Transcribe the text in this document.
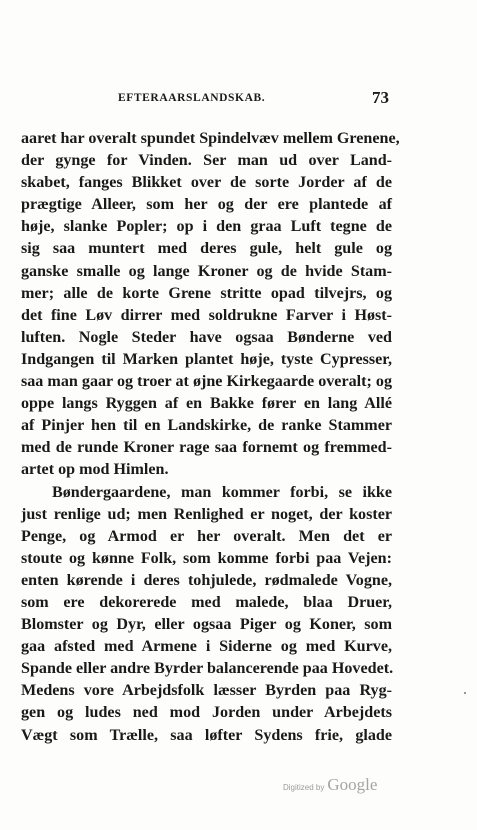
EFTERAARSLANDSKAB.	73
aaret har overalt spundet Spindelvæv mellem Grenene,
der gynge for Vinden. Ser man ud over Land-
skabet, fanges Blikket over de sorte Jorder af de
prægtige Alleer, som her og der ere plantede af
høje, slanke Popler; op i den graa Luft tegne de
sig saa muntert med deres gule, helt gule og
ganske smalle og lange Kroner og de hvide Stam-
mer; alle de korte Grene stritte opad tilvejrs, og
det fine Løv dirrer med soldrukne Farver i Høst-
luften. Nogle Steder have ogsaa Bønderne ved
Indgangen til Marken plantet høje, tyste Cypresser,
saa man gaar og troer at øjne Kirkegaarde overalt; og
oppe langs Ryggen af en Bakke fører en lang Allé
af Pinjer hen til en Landskirke, de ranke Stammer
med de runde Kroner rage saa fornemt og fremmed-
artet op mod Himlen.
Bøndergaardene, man kommer forbi, se ikke
just renlige ud; men Renlighed er noget, der koster
Penge, og Armod er her overalt. Men det er
stoute og kønne Folk, som komme forbi paa Vejen:
enten kørende i deres tohjulede, rødmalede Vogne,
som ere dekorerede med malede, blaa Druer,
Blomster og Dyr, eller ogsaa Piger og Koner, som
gaa afsted med Armene i Siderne og med Kurve,
Spande eller andre Byrder balancerende paa Hovedet.
Medens vore Arbejdsfolk læsser Byrden paa Ryg-
gen og ludes ned mod Jorden under Arbejdets
Vægt som Trælle, saa løfter Sydens frie, glade
Digitized by Google
